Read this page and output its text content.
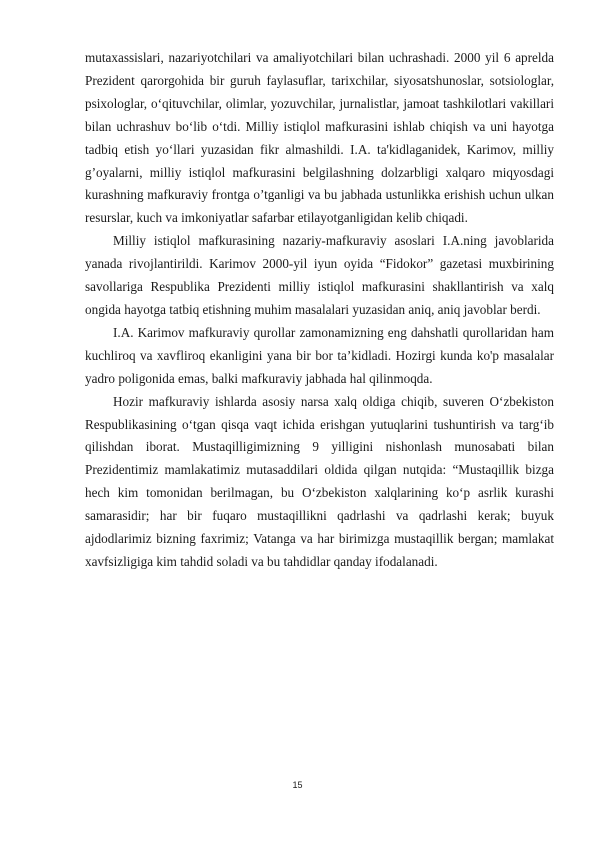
mutaxassislari, nazariyotchilari va amaliyotchilari bilan uchrashadi. 2000 yil 6 aprelda Prezident qarorgohida bir guruh faylasuflar, tarixchilar, siyosatshunoslar, sotsiologlar, psixologlar, o‘qituvchilar, olimlar, yozuvchilar, jurnalistlar, jamoat tashkilotlari vakillari bilan uchrashuv bo‘lib o‘tdi. Milliy istiqlol mafkurasini ishlab chiqish va uni hayotga tadbiq etish yo‘llari yuzasidan fikr almashildi. I.A. ta'kidlaganidek, Karimov, milliy g’oyalarni, milliy istiqlol mafkurasini belgilashning dolzarbligi xalqaro miqyosdagi kurashning mafkuraviy frontga o’tganligi va bu jabhada ustunlikka erishish uchun ulkan resurslar, kuch va imkoniyatlar safarbar etilayotganligidan kelib chiqadi.

Milliy istiqlol mafkurasining nazariy-mafkuraviy asoslari I.A.ning javoblarida yanada rivojlantirildi. Karimov 2000-yil iyun oyida “Fidokor” gazetasi muxbirining savollariga Respublika Prezidenti milliy istiqlol mafkurasini shakllantirish va xalq ongida hayotga tatbiq etishning muhim masalalari yuzasidan aniq, aniq javoblar berdi.

I.A. Karimov mafkuraviy qurollar zamonamizning eng dahshatli qurollaridan ham kuchliroq va xavfliroq ekanligini yana bir bor ta’kidladi. Hozirgi kunda ko'p masalalar yadro poligonida emas, balki mafkuraviy jabhada hal qilinmoqda.

Hozir mafkuraviy ishlarda asosiy narsa xalq oldiga chiqib, suveren O‘zbekiston Respublikasining o‘tgan qisqa vaqt ichida erishgan yutuqlarini tushuntirish va targ‘ib qilishdan iborat. Mustaqilligimizning 9 yilligini nishonlash munosabati bilan Prezidentimiz mamlakatimiz mutasaddilari oldida qilgan nutqida: “Mustaqillik bizga hech kim tomonidan berilmagan, bu O‘zbekiston xalqlarining ko‘p asrlik kurashi samarasidir; har bir fuqaro mustaqillikni qadrlashi va qadrlashi kerak; buyuk ajdodlarimiz bizning faxrimiz; Vatanga va har birimizga mustaqillik bergan; mamlakat xavfsizligiga kim tahdid soladi va bu tahdidlar qanday ifodalanadi.

15
